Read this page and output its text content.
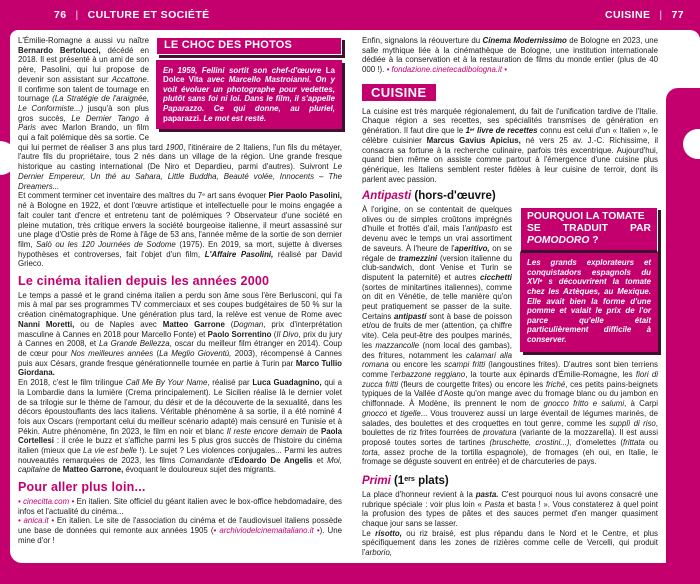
76 | CULTURE ET SOCIÉTÉ	CUISINE | 77
LE CHOC DES PHOTOS
En 1959, Fellini sortit son chef-d'œuvre La Dolce Vita avec Marcello Mastroianni. On y voit évoluer un photographe pour vedettes, plutôt sans foi ni loi. Dans le film, il s'appelle Paparazzo. Ce qui donne, au pluriel, paparazzi. Le mot est resté.
L'Émilie-Romagne a aussi vu naître Bernardo Bertolucci, décédé en 2018. Il est présenté à un ami de son père, Pasolini, qui lui propose de devenir son assistant sur Accattone. Il confirme son talent de tournage en tournage (La Stratégie de l'araignée, Le Conformiste...) jusqu'à son plus gros succès, Le Dernier Tango à Paris avec Marlon Brando, un film qui a fait polémique dès sa sortie. Ce qui lui permet de réaliser 3 ans plus tard 1900, l'itinéraire de 2 Italiens, l'un fils du métayer, l'autre fils du propriétaire, tous 2 nés dans un village de la région. Une grande fresque historique au casting international (De Niro et Depardieu, parmi d'autres). Suivront Le Dernier Empereur, Un thé au Sahara, Little Buddha, Beauté volée, Innocents – The Dreamers...
Et comment terminer cet inventaire des maîtres du 7e art sans évoquer Pier Paolo Pasolini, né à Bologne en 1922, et dont l'œuvre artistique et intellectuelle pour le moins engagée a fait couler tant d'encre et entretenu tant de polémiques ? Observateur d'une société en pleine mutation, très critique envers la société bourgeoise italienne, il meurt assassiné sur une plage d'Ostie près de Rome à l'âge de 53 ans, l'année même de la sortie de son dernier film, Salò ou les 120 Journées de Sodome (1975). En 2019, sa mort, sujette à diverses hypothèses et controverses, fait l'objet d'un film, L'Affaire Pasolini, réalisé par David Grieco.
Le cinéma italien depuis les années 2000
Le temps a passé et le grand cinéma italien a perdu son âme sous l'ère Berlusconi, qui l'a mis à mal par ses programmes TV commerciaux et ses coupes budgétaires de 50 % sur la création cinématographique. Une génération plus tard, la relève est venue de Rome avec Nanni Moretti, ou de Naples avec Matteo Garrone (Dogman, prix d'interprétation masculine à Cannes en 2018 pour Marcello Fonte) et Paolo Sorrentino (Il Divo, prix du jury à Cannes en 2008, et La Grande Bellezza, oscar du meilleur film étranger en 2014). Coup de cœur pour Nos meilleures années (La Meglio Gioventù, 2003), récompensé à Cannes puis aux Césars, grande fresque générationnelle tournée en partie à Turin par Marco Tullio Giordana.
En 2018, c'est le film trilingue Call Me By Your Name, réalisé par Luca Guadagnino, qui a la Lombardie dans la lumière (Crema principalement). Le Sicilien réalise là le dernier volet de sa trilogie sur le thème de l'amour, du désir et de la découverte de la sexualité, dans les décors époustouflants des lacs italiens. Véritable phénomène à sa sortie, il a été nominé 4 fois aux Oscars (remportant celui du meilleur scénario adapté) mais censuré en Tunisie et à Pékin. Autre phénomène, fin 2023, le film en noir et blanc Il reste encore demain de Paola Cortellesi : il crée le buzz et s'affiche parmi les 5 plus gros succès de l'histoire du cinéma italien (mieux que La vie est belle !). Le sujet ? Les violences conjugales... Parmi les autres nouveautés remarquées de 2023, les films Comandante d'Edoardo De Angelis et Moi, capitaine de Matteo Garrone, évoquant le douloureux sujet des migrants.
Pour aller plus loin...
• cinecitta.com • En italien. Site officiel du géant italien avec le box-office hebdomadaire, des infos et l'actualité du cinéma...
• anica.it • En italien. Le site de l'association du cinéma et de l'audiovisuel italiens possède une base de données qui remonte aux années 1905 (• archiviodelcinemaitaliano.it •). Une mine d'or !
Enfin, signalons la réouverture du Cinema Modernissimo de Bologne en 2023, une salle mythique liée à la cinémathèque de Bologne, une institution internationale dédiée à la conservation et à la restauration de films du monde entier (plus de 40 000 !). • fondazione.cinetecadibologna.it •
CUISINE
La cuisine est très marquée régionalement, du fait de l'unification tardive de l'Italie. Chaque région a ses recettes, ses spécialités transmises de génération en génération. Il faut dire que le 1er livre de recettes connu est celui d'un « Italien », le célèbre cuisinier Marcus Gavius Apicius, né vers 25 av. J.-C. Richissime, il consacra sa fortune à la recherche culinaire, parfois très excentrique. Aujourd'hui, quand bien même on assiste comme partout à l'émergence d'une cuisine plus générique, les Italiens semblent rester fidèles à leur cuisine de terroir, dont ils parlent avec passion.
Antipasti (hors-d'œuvre)
POURQUOI LA TOMATE
SE TRADUIT PAR POMODORO ?
Les grands explorateurs et conquistadors espagnols du XVIe s découvrirent la tomate chez les Aztèques, au Mexique. Elle avait bien la forme d'une pomme et valait le prix de l'or parce qu'elle était particulièrement difficile à conserver.
À l'origine, on se contentait de quelques olives ou de simples croûtons imprégnés d'huile et frottés d'ail, mais l'antipasto est devenu avec le temps un vrai assortiment de saveurs. À l'heure de l'aperitivo, on se régale de tramezzini (version italienne du club-sandwich, dont Venise et Turin se disputent la paternité) et autres cicchetti (sortes de minitartines italiennes), comme on dit en Vénétie, de telle manière qu'on peut pratiquement se passer de la suite. Certains antipasti sont à base de poisson et/ou de fruits de mer (attention, ça chiffre vite). Cela peut-être des poulpes marinés, les mazzancolle (nom local des gambas), des fritures, notamment les calamari alla romana ou encore les scampi fritti (langoustines frites). D'autres sont bien terriens comme l'erbazzone reggiano, la tourte aux épinards d'Émilie-Romagne, les fiori di zucca fritti (fleurs de courgette frites) ou encore les friché, ces petits pains-beignets typiques de la Vallée d'Aoste qu'on mange avec du fromage blanc ou du jambon en chiffonnade. À Modène, ils prennent le nom de gnocco fritto e salumi, à Carpi gnocco et tigelle... Vous trouverez aussi un large éventail de légumes marinés, de salades, des boulettes et des croquettes en tout genre, comme les supplì di riso, boulettes de riz frites fourrées de provatura (variante de la mozzarella). Il est aussi proposé toutes sortes de tartines (bruschette, crostini...), d'omelettes (frittata ou torta, assez proche de la tortilla espagnole), de fromages (eh oui, en Italie, le fromage se déguste souvent en entrée) et de charcuteries de pays.
Primi (1ers plats)
La place d'honneur revient à la pasta. C'est pourquoi nous lui avons consacré une rubrique spéciale : voir plus loin « Pasta et basta ! ». Vous constaterez à quel point la profusion des types de pâtes et des sauces permet d'en manger quasiment chaque jour sans se lasser.
Le risotto, ou riz braisé, est plus répandu dans le Nord et le Centre, et plus spécifiquement dans les zones de rizières comme celle de Vercelli, qui produit l'arborio,
